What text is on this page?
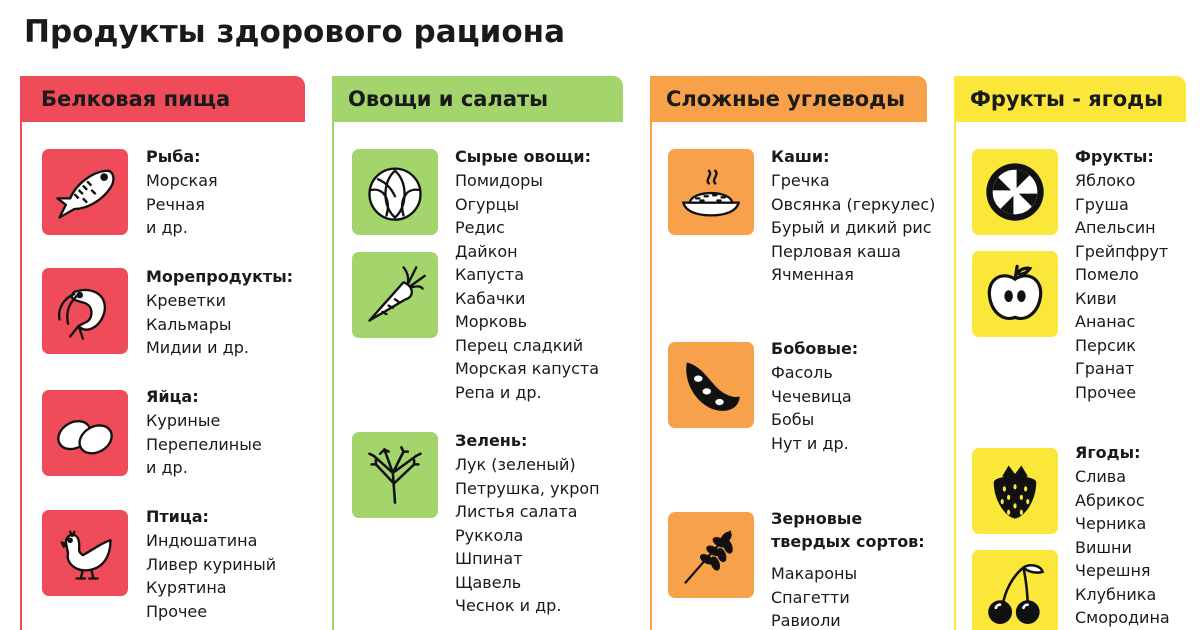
Продукты здорового рациона
Белковая пища
Рыба:
Морская
Речная
и др.
Морепродукты:
Креветки
Кальмары
Мидии и др.
Яйца:
Куриные
Перепелиные
и др.
Птица:
Индюшатина
Ливер куриный
Курятина
Прочее
Овощи и салаты
Сырые овощи:
Помидоры
Огурцы
Редис
Дайкон
Капуста
Кабачки
Морковь
Перец сладкий
Морская капуста
Репа и др.
Зелень:
Лук (зеленый)
Петрушка, укроп
Листья салата
Руккола
Шпинат
Щавель
Чеснок и др.
Сложные углеводы
Каши:
Гречка
Овсянка (геркулес)
Бурый и дикий рис
Перловая каша
Ячменная
Бобовые:
Фасоль
Чечевица
Бобы
Нут и др.
Зерновые
твердых сортов:
Макароны
Спагетти
Равиоли
Фрукты - ягоды
Фрукты:
Яблоко
Груша
Апельсин
Грейпфрут
Помело
Киви
Ананас
Персик
Гранат
Прочее
Ягоды:
Слива
Абрикос
Черника
Вишни
Черешня
Клубника
Смородина
